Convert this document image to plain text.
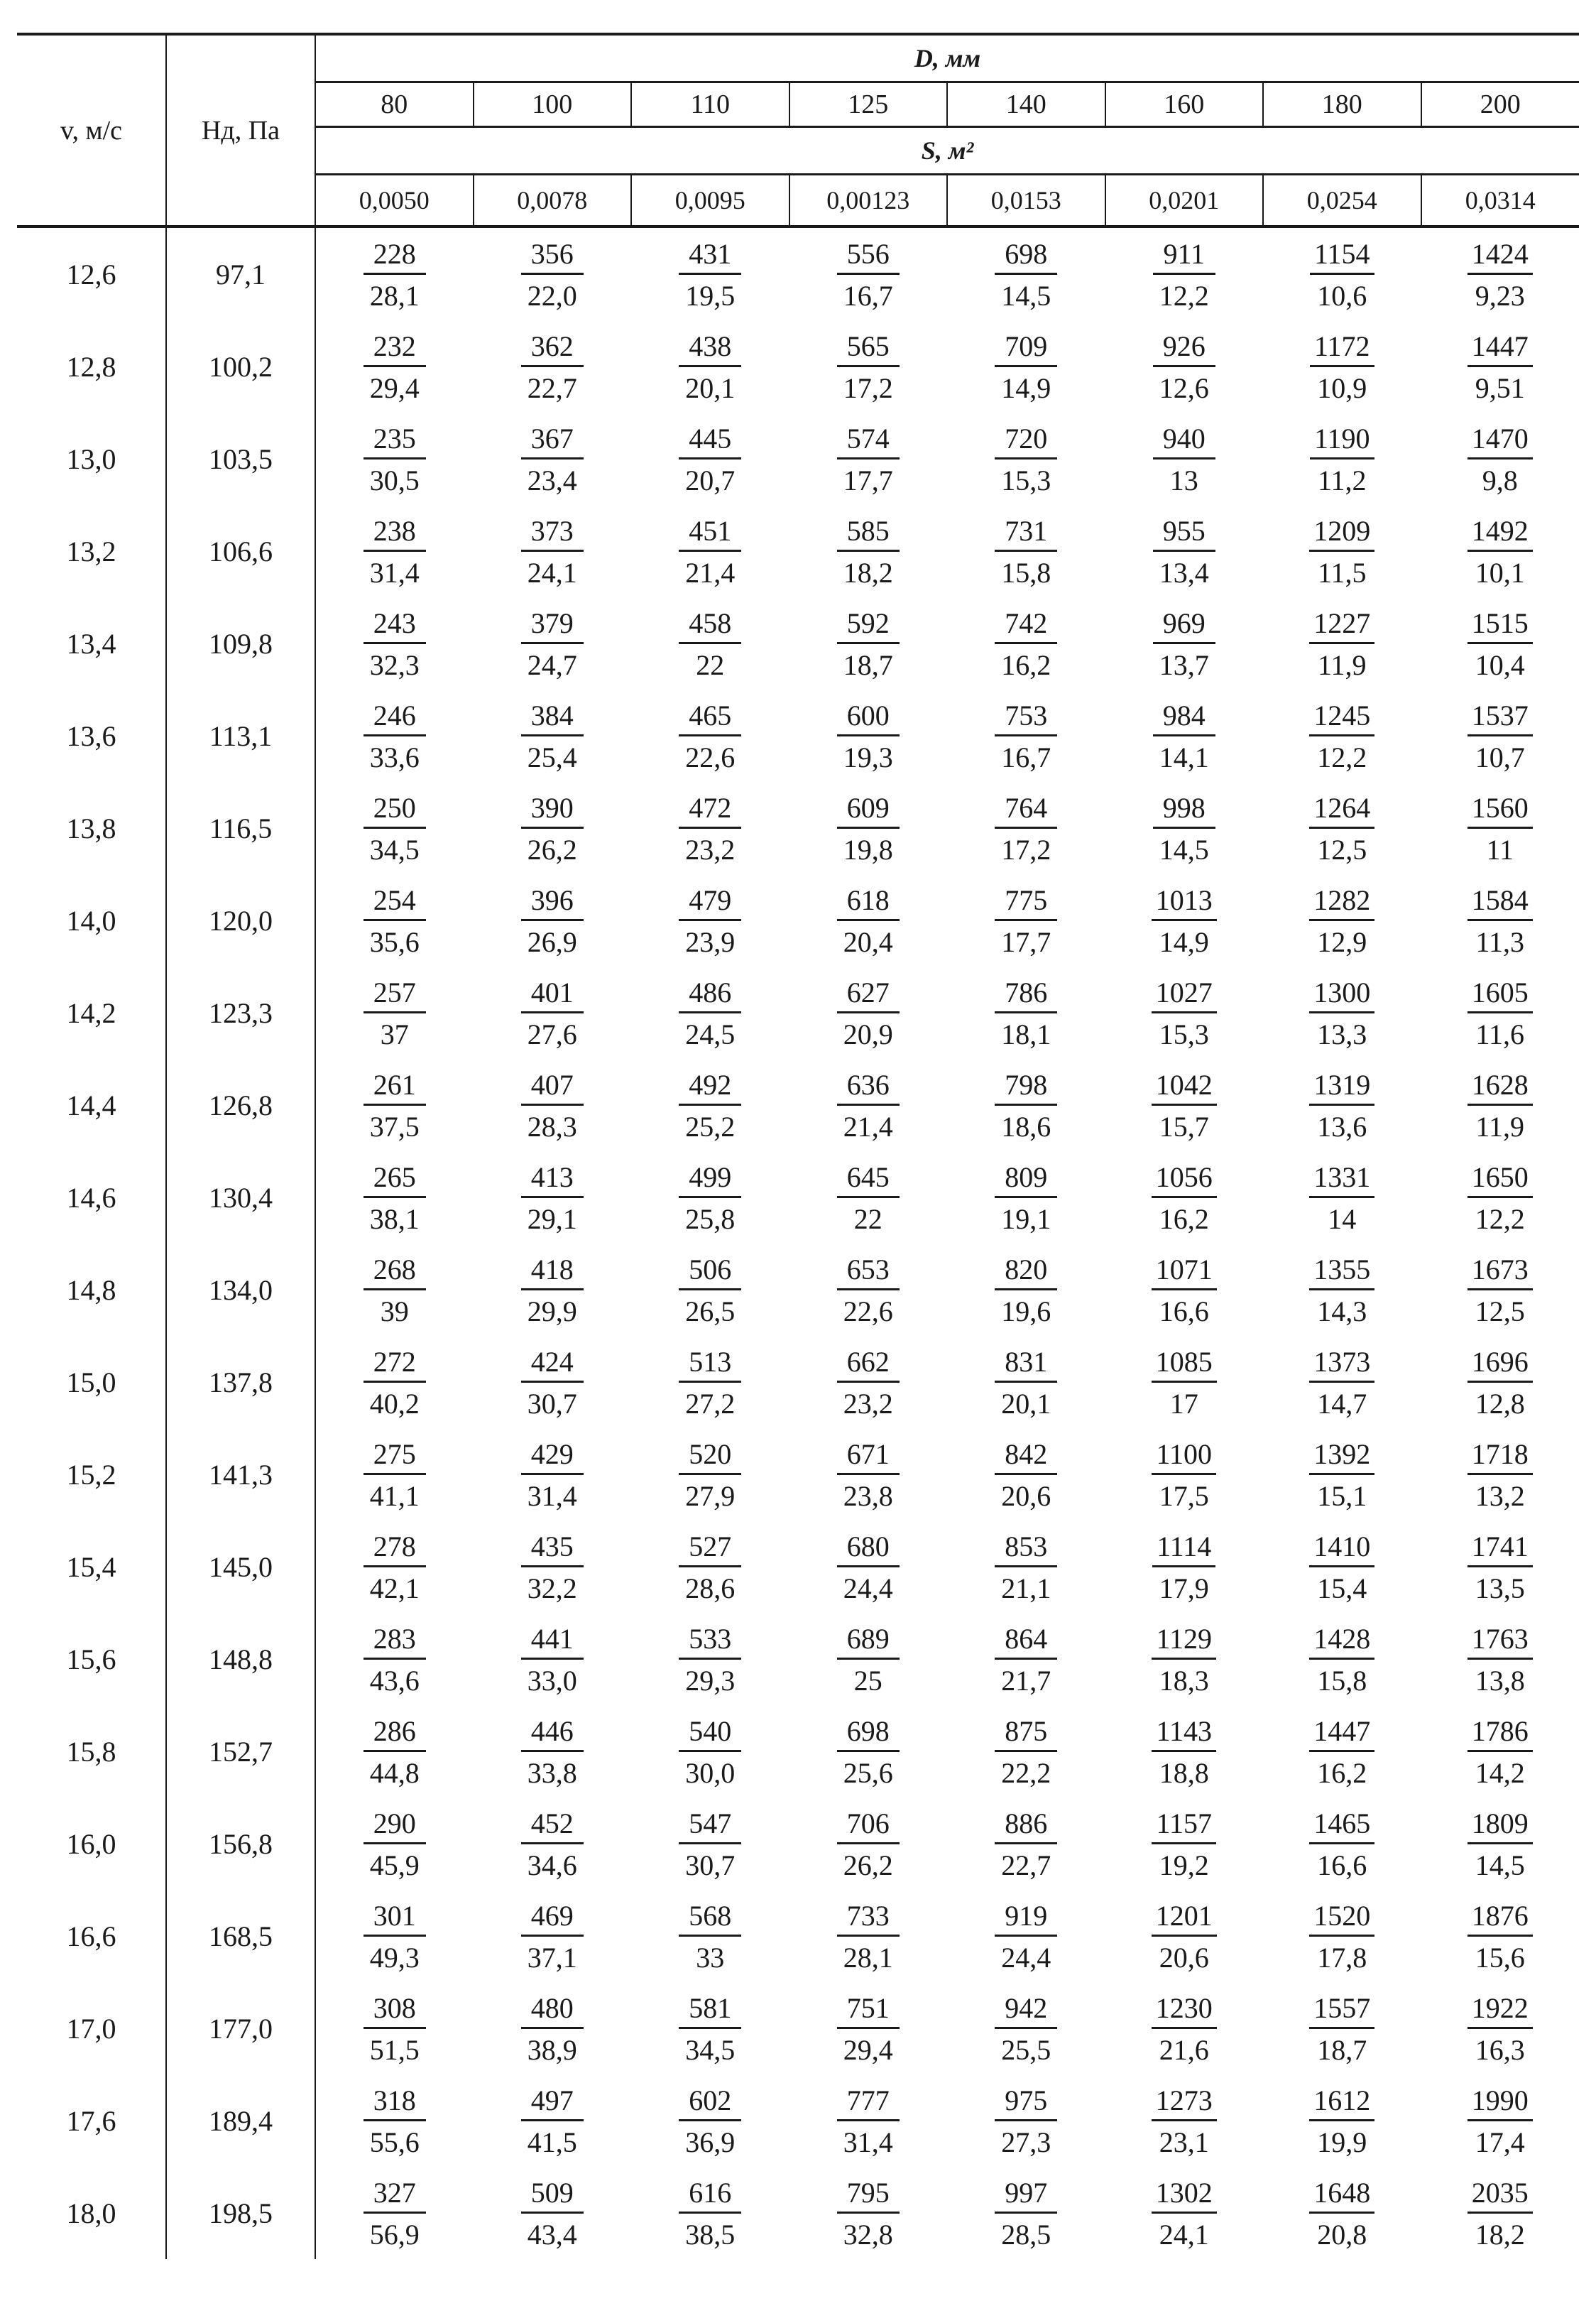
v, м/с	Hд, Па	D, мм							
		80	100	110	125	140	160	180	200
		S, м²							
		0,0050	0,0078	0,0095	0,00123	0,0153	0,0201	0,0254	0,0314
12,6	97,1	$\frac{228}{28,1}$	$\frac{356}{22,0}$	$\frac{431}{19,5}$	$\frac{556}{16,7}$	$\frac{698}{14,5}$	$\frac{911}{12,2}$	$\frac{1154}{10,6}$	$\frac{1424}{9,23}$

12,8	100,2	$\frac{232}{29,4}$	$\frac{362}{22,7}$	$\frac{438}{20,1}$	$\frac{565}{17,2}$	$\frac{709}{14,9}$	$\frac{926}{12,6}$	$\frac{1172}{10,9}$	$\frac{1447}{9,51}$

13,0	103,5	$\frac{235}{30,5}$	$\frac{367}{23,4}$	$\frac{445}{20,7}$	$\frac{574}{17,7}$	$\frac{720}{15,3}$	$\frac{940}{13}$	$\frac{1190}{11,2}$	$\frac{1470}{9,8}$

13,2	106,6	$\frac{238}{31,4}$	$\frac{373}{24,1}$	$\frac{451}{21,4}$	$\frac{585}{18,2}$	$\frac{731}{15,8}$	$\frac{955}{13,4}$	$\frac{1209}{11,5}$	$\frac{1492}{10,1}$

13,4	109,8	$\frac{243}{32,3}$	$\frac{379}{24,7}$	$\frac{458}{22}$	$\frac{592}{18,7}$	$\frac{742}{16,2}$	$\frac{969}{13,7}$	$\frac{1227}{11,9}$	$\frac{1515}{10,4}$

13,6	113,1	$\frac{246}{33,6}$	$\frac{384}{25,4}$	$\frac{465}{22,6}$	$\frac{600}{19,3}$	$\frac{753}{16,7}$	$\frac{984}{14,1}$	$\frac{1245}{12,2}$	$\frac{1537}{10,7}$

13,8	116,5	$\frac{250}{34,5}$	$\frac{390}{26,2}$	$\frac{472}{23,2}$	$\frac{609}{19,8}$	$\frac{764}{17,2}$	$\frac{998}{14,5}$	$\frac{1264}{12,5}$	$\frac{1560}{11}$

14,0	120,0	$\frac{254}{35,6}$	$\frac{396}{26,9}$	$\frac{479}{23,9}$	$\frac{618}{20,4}$	$\frac{775}{17,7}$	$\frac{1013}{14,9}$	$\frac{1282}{12,9}$	$\frac{1584}{11,3}$

14,2	123,3	$\frac{257}{37}$	$\frac{401}{27,6}$	$\frac{486}{24,5}$	$\frac{627}{20,9}$	$\frac{786}{18,1}$	$\frac{1027}{15,3}$	$\frac{1300}{13,3}$	$\frac{1605}{11,6}$

14,4	126,8	$\frac{261}{37,5}$	$\frac{407}{28,3}$	$\frac{492}{25,2}$	$\frac{636}{21,4}$	$\frac{798}{18,6}$	$\frac{1042}{15,7}$	$\frac{1319}{13,6}$	$\frac{1628}{11,9}$

14,6	130,4	$\frac{265}{38,1}$	$\frac{413}{29,1}$	$\frac{499}{25,8}$	$\frac{645}{22}$	$\frac{809}{19,1}$	$\frac{1056}{16,2}$	$\frac{1331}{14}$	$\frac{1650}{12,2}$

14,8	134,0	$\frac{268}{39}$	$\frac{418}{29,9}$	$\frac{506}{26,5}$	$\frac{653}{22,6}$	$\frac{820}{19,6}$	$\frac{1071}{16,6}$	$\frac{1355}{14,3}$	$\frac{1673}{12,5}$

15,0	137,8	$\frac{272}{40,2}$	$\frac{424}{30,7}$	$\frac{513}{27,2}$	$\frac{662}{23,2}$	$\frac{831}{20,1}$	$\frac{1085}{17}$	$\frac{1373}{14,7}$	$\frac{1696}{12,8}$

15,2	141,3	$\frac{275}{41,1}$	$\frac{429}{31,4}$	$\frac{520}{27,9}$	$\frac{671}{23,8}$	$\frac{842}{20,6}$	$\frac{1100}{17,5}$	$\frac{1392}{15,1}$	$\frac{1718}{13,2}$

15,4	145,0	$\frac{278}{42,1}$	$\frac{435}{32,2}$	$\frac{527}{28,6}$	$\frac{680}{24,4}$	$\frac{853}{21,1}$	$\frac{1114}{17,9}$	$\frac{1410}{15,4}$	$\frac{1741}{13,5}$

15,6	148,8	$\frac{283}{43,6}$	$\frac{441}{33,0}$	$\frac{533}{29,3}$	$\frac{689}{25}$	$\frac{864}{21,7}$	$\frac{1129}{18,3}$	$\frac{1428}{15,8}$	$\frac{1763}{13,8}$

15,8	152,7	$\frac{286}{44,8}$	$\frac{446}{33,8}$	$\frac{540}{30,0}$	$\frac{698}{25,6}$	$\frac{875}{22,2}$	$\frac{1143}{18,8}$	$\frac{1447}{16,2}$	$\frac{1786}{14,2}$

16,0	156,8	$\frac{290}{45,9}$	$\frac{452}{34,6}$	$\frac{547}{30,7}$	$\frac{706}{26,2}$	$\frac{886}{22,7}$	$\frac{1157}{19,2}$	$\frac{1465}{16,6}$	$\frac{1809}{14,5}$

16,6	168,5	$\frac{301}{49,3}$	$\frac{469}{37,1}$	$\frac{568}{33}$	$\frac{733}{28,1}$	$\frac{919}{24,4}$	$\frac{1201}{20,6}$	$\frac{1520}{17,8}$	$\frac{1876}{15,6}$

17,0	177,0	$\frac{308}{51,5}$	$\frac{480}{38,9}$	$\frac{581}{34,5}$	$\frac{751}{29,4}$	$\frac{942}{25,5}$	$\frac{1230}{21,6}$	$\frac{1557}{18,7}$	$\frac{1922}{16,3}$

17,6	189,4	$\frac{318}{55,6}$	$\frac{497}{41,5}$	$\frac{602}{36,9}$	$\frac{777}{31,4}$	$\frac{975}{27,3}$	$\frac{1273}{23,1}$	$\frac{1612}{19,9}$	$\frac{1990}{17,4}$

18,0	198,5	$\frac{327}{56,9}$	$\frac{509}{43,4}$	$\frac{616}{38,5}$	$\frac{795}{32,8}$	$\frac{997}{28,5}$	$\frac{1302}{24,1}$	$\frac{1648}{20,8}$	$\frac{2035}{18,2}$
